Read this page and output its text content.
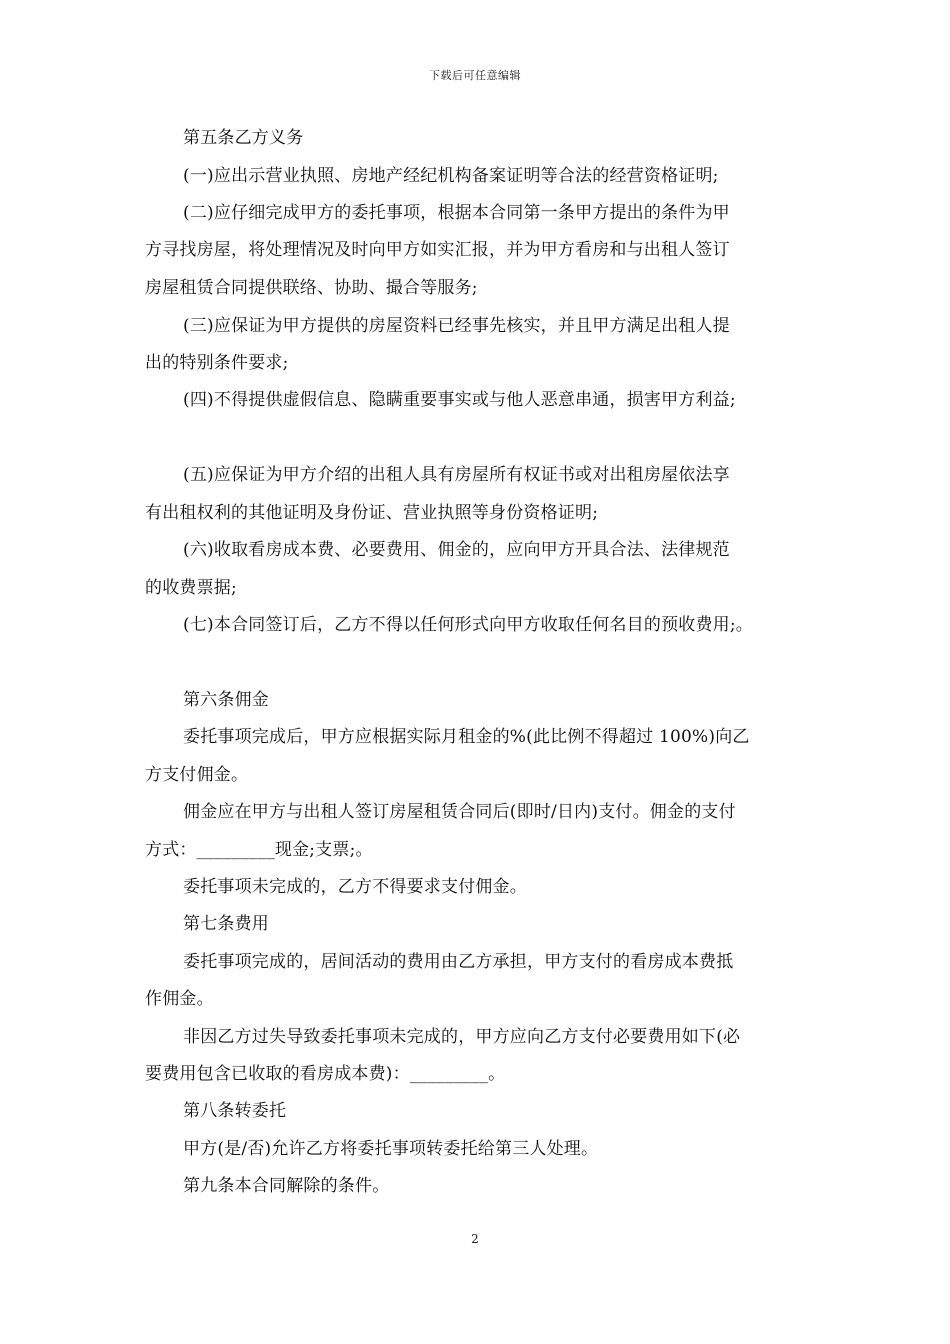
下载后可任意编辑
第五条乙方义务
(一)应出示营业执照、房地产经纪机构备案证明等合法的经营资格证明;
(二)应仔细完成甲方的委托事项，根据本合同第一条甲方提出的条件为甲
方寻找房屋，将处理情况及时向甲方如实汇报，并为甲方看房和与出租人签订
房屋租赁合同提供联络、协助、撮合等服务;
(三)应保证为甲方提供的房屋资料已经事先核实，并且甲方满足出租人提
出的特别条件要求;
(四)不得提供虚假信息、隐瞒重要事实或与他人恶意串通，损害甲方利益;
(五)应保证为甲方介绍的出租人具有房屋所有权证书或对出租房屋依法享
有出租权利的其他证明及身份证、营业执照等身份资格证明;
(六)收取看房成本费、必要费用、佣金的，应向甲方开具合法、法律规范
的收费票据;
(七)本合同签订后，乙方不得以任何形式向甲方收取任何名目的预收费用;。
第六条佣金
委托事项完成后，甲方应根据实际月租金的%(此比例不得超过 100%)向乙
方支付佣金。
佣金应在甲方与出租人签订房屋租赁合同后(即时/日内)支付。佣金的支付
方式：_________现金;支票;。
委托事项未完成的，乙方不得要求支付佣金。
第七条费用
委托事项完成的，居间活动的费用由乙方承担，甲方支付的看房成本费抵
作佣金。
非因乙方过失导致委托事项未完成的，甲方应向乙方支付必要费用如下(必
要费用包含已收取的看房成本费)：_________。
第八条转委托
甲方(是/否)允许乙方将委托事项转委托给第三人处理。
第九条本合同解除的条件。
2
